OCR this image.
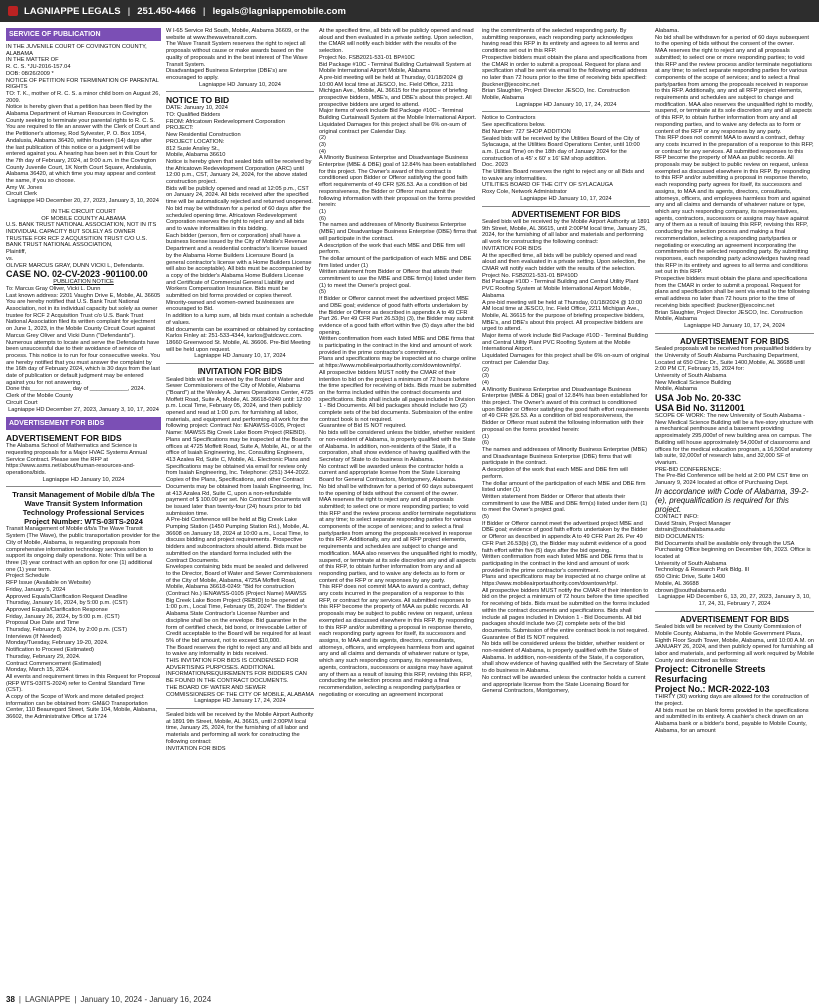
LAGNIAPPE LEGALS | 251.450-4466 | legals@lagniappemobile.com
SERVICE OF PUBLICATION
IN THE JUVENILE COURT OF COVINGTON COUNTY, ALABAMA
IN THE MATTER OF
R. C. S. *JU-2016-157.04
DOB: 08/26/2009 *
NOTICE OF PETITION FOR TERMINATION OF PARENTAL RIGHTS
TO: T. K., mother of R. C. S. a minor child born on August 26, 2009.
Notice is hereby given that a petition has been filed by the Alabama Department of Human Resources in Covington County seeking to terminate your parental rights to R. C. S. You are required to file an answer with the Clerk of Court and the Petitioner's attorney, Rod Sylvester, P. O. Box 1054, Andalusia, Alabama 36420, within fourteen (14) days after the last publication of this notice or a judgment will be entered against you. A hearing has been set in this Court for the 7th day of February, 2024, at 9:00 a.m. in the Covington County Juvenile Court, 1K North Court Square, Andalusia, Alabama 36420, at which time you may appear and contest the same, if you so choose.
Amy W. Jones
Circuit Clerk
Lagniappe HD December 20, 27, 2023, January 3, 10, 2024
IN THE CIRCUIT COURT
OF MOBILE COUNTY ALABAMA
U.S. BANK TRUST NATIONAL ASSOCIATION, NOT IN ITS INDIVIDUAL CAPACITY BUT SOLELY AS OWNER TRUSTEE FOR RCF 2 ACQUISITION TRUST C/O U.S. BANK TRUST NATIONAL ASSOCIATION,
Plaintiff,
vs.
OLIVER MARCUS GRAY, DUNN VICKI L, Defendants.
CASE NO. 02-CV-2023 -901100.00
PUBLICATION NOTICE
To: Marcus Gray Oliver, Vicki L. Dunn
Last known address: 2201 Vaughn Drive E, Mobile, AL 36605
You are hereby notified that U.S. Bank Trust National Association, not in its individual capacity but solely as owner trustee for RCF 2 Acquisition Trust c/o U.S. Bank Trust National Association filed its written complaint for ejectment on June 1, 2023, in the Mobile County Circuit Court against Marcus Grey Oliver and Vicki Dunn ("Defendants"). Numerous attempts to locate and serve the Defendants have been unsuccessful due to their avoidance of service of process. This notice is to run for four consecutive weeks. You are hereby notified that you must answer the complaint by the 16th day of February 2024, which is 30 days from the last date of publication or default judgment may be entered against you for not answering.
Done this_____________ day of ____________, 2024.
Clerk of the Mobile County
Circuit Court
Lagniappe HD December 27, 2023, January 3, 10, 17, 2024
ADVERTISEMENT FOR BIDS
ADVERTISEMENT FOR BIDS
The Alabama School of Mathematics and Science is requesting proposals for a Major HVAC Systems Annual Service Contract. Please see the RFP at https://www.asms.net/about/human-resources-and-operations/bids.
Lagniappe HD January 10, 2024
Transit Management of Mobile d/b/a The Wave Transit System Information Technology Professional Services
Project Number: WTS-03ITS-2024
Transit Management of Mobile d/b/a The Wave Transit System (The Wave), the public transportation provider for the City of Mobile, Alabama, is requesting proposals from comprehensive information technology services solution to support its ongoing daily operations. Note: This will be a three (3) year contract with an option for one (1) additional one (1) year term.
Project Schedule
RFP Issue (Available on Website)
Friday, January 5, 2024
Approved Equals/Clarification Request Deadline
Thursday, January 16, 2024, by 5:00 p.m. (CST)
Approved Equals/Clarification Response
Friday, January 26, 2024, by 5:00 p.m. (CST)
Proposal Due Date and Time
Thursday, February 8, 2024, by 2:00 p.m. (CST)
Interviews (If Needed)
Monday/Tuesday, February 19-20, 2024.
Notification to Proceed (Estimated)
Thursday, February 29, 2024.
Contract Commencement (Estimated)
Monday, March 15, 2024.
All events and requirement times in this Request for Proposal (RFP WTS-03ITS-2024) refer to Central Standard Time (CST).
A copy of the Scope of Work and more detailed project information can be obtained from: GM&O Transportation Center, 110 Beauregard Street, Suite 104, Mobile, Alabama, 36602, the Administrative Office at 1724
W I-65 Service Rd South, Mobile, Alabama 36609, or the website at www.thewavetransit.com.
The Wave Transit System reserves the right to reject all proposals without cause or make awards based on the quality of proposals and in the best interest of The Wave Transit System.
Disadvantaged Business Enterprise (DBE's) are encouraged to apply.
Lagniappe HD January 10, 2024
NOTICE TO BID
DATE: January 10, 2024
TO: Qualified Bidders
FROM: Africatown Redevelopment Corporation
PROJECT:
New Residential Construction
PROJECT LOCATION:
812 Susie Ansley St.,
Mobile, Alabama 36610
Notice is hereby given that sealed bids will be received by the Africatown Redevelopment Corporation (ARC) until 12:00 p.m., CST, January 24, 2024, for the above stated construction project.
Bids will be publicly opened and read at 12:05 p.m., CST on January 24, 2024. All bids received after the specified time will be automatically rejected and returned unopened. No bid may be withdrawn for a period of 60 days after the scheduled opening time. Africatown Redevelopment Corporation reserves the right to reject any and all bids and to waive informalities in this bidding.
Each bidder (person, firm or corporation) shall have a business license issued by the City of Mobile's Revenue Department and a residential contractor's license issued by the Alabama Home Builders Licensure Board (a general contractor's license with a Home Builders License will also be acceptable). All bids must be accompanied by a copy of the bidder's Alabama Home Builders License and Certificate of Commercial General Liability and Workers Compensation Insurance. Bids must be submitted on bid forms provided or copies thereof.
Minority-owned and women-owned businesses are encouraged to Bid.
In addition to a lump sum, all bids must contain a schedule of values.
Bid documents can be examined or obtained by contacting Karlos Finley at: 251-533-4344, karlos@atdcwcc.com. 18660 Greenwood St. Mobile, AL 36606. Pre-Bid Meeting will be held upon request.
Lagniappe HD January 10, 17, 2024
INVITATION FOR BIDS
Sealed bids will be received by the Board of Water and Sewer Commissioners of the City of Mobile, Alabama ("Board") at the Wesley A. James Operations Center, 4725 Moffett Road, Suite A, Mobile, AL 36618-0249 until: 12:00 p.m. Local Time, February 05, 2024, and then publicly opened and read at 1:00 p.m. for furnishing all labor, materials, and equipment and performing all work for the following project: Contract No: IENAWSS-0105, Project Name: MAWSS Big Creek Lake Boom Project (REBID).
Plans and Specifications may be inspected at the Board's offices at 4725 Moffett Road, Suite A, Mobile, AL, or at the office of Isaiah Engineering, Inc. Consulting Engineers, 413 Azalea Rd, Suite C, Mobile, AL. Electronic Plans and Specifications may be obtained via email for review only from Isaiah Engineering, Inc. Telephone: (251) 344-2022.
Copies of the Plans, Specifications, and other Contract Documents may be obtained from Isaiah Engineering, Inc. at 413 Azalea Rd, Suite C, upon a non-refundable payment of $ 100.00 per set. No Contract Documents will be issued later than twenty-four (24) hours prior to bid submission time.
A Pre-bid Conference will be held at Big Creek Lake Pumping Station (1450 Pumping Station Rd.), Mobile, AL 36608 on January 18, 2024 at 10:00 a.m., Local Time, to discuss bidding and project requirements. Prospective bidders and subcontractors should attend. Bids must be submitted on the standard forms included with the Contract Documents.
Envelopes containing bids must be sealed and delivered to the Director, Board of Water and Sewer Commissioners of the City of Mobile, Alabama, 4725A Moffett Road, Mobile, Alabama 36618-0249: "Bid for construction (Contract No.) IENAWSS-0105 (Project Name) MAWSS Big Creek Lake Boom Project (REBID) to be opened at 1:00 p.m., Local Time, February 05, 2024". The Bidder's Alabama State Contractor's License Number and discipline shall be on the envelope. Bid guarantee in the form of certified check, bid bond, or irrevocable Letter of Credit acceptable to the Board will be required for at least 5% of the bid amount, not to exceed $10,000.
The Board reserves the right to reject any and all bids and to waive any informality in bids received.
THIS INVITATION FOR BIDS IS CONDENSED FOR ADVERTISING PURPOSES. ADDITIONAL INFORMATION/REQUIREMENTS FOR BIDDERS CAN BE FOUND IN THE CONTRACT DOCUMENTS.
THE BOARD OF WATER AND SEWER COMMISSIONERS OF THE CITY OF MOBILE, ALABAMA
Lagniappe HD January 17, 24, 2024
Sealed bids will be received by the Mobile Airport Authority at 1891 9th Street, Mobile, AL 36615, until 2:00PM local time, January 25, 2024, for the furnishing of all labor and materials and performing all work for constructing the following contract:
INVITATION FOR BIDS
At the specified time, all bids will be publicly opened and read aloud and then evaluated in a private setting. Upon selection, the CMAR will notify each bidder with the results of the selection.
Project No. FSB2021-531-01 BP#10C
Bid Package #10C - Terminal Building Curtainwall System at Mobile International Airport Mobile, Alabama
A pre-bid meeting will be held at Thursday, 01/18/2024 @ 10:00 AM local time at JESCO, Inc. Field Office, 2211 Michigan Ave., Mobile, AL 36615 for the purpose of briefing prospective bidders, MBE's, and DBE's about this project. All prospective bidders are urged to attend.
Major items of work include Bid Package #10C - Terminal Building Curtainwall System at the Mobile International Airport.
Liquidated Damages for this project shall be 6% on-sum of original contract per Calendar Day.
(2)
(3)
(4)
A Minority Business Enterprise and Disadvantage Business Enterprise (MBE & DBE) goal of 12.84% has been established for this project. The Owner's award of this contract is conditioned upon Bidder or Offeror satisfying the good faith effort requirements of 49 CFR §26.53. As a condition of bid responsiveness, the Bidder or Offeror must submit the following information with their proposal on the forms provided herein:
(1)
(6)
The names and addresses of Minority Business Enterprise (MBE) and Disadvantage Business Enterprise (DBE) firms that will participate in the contract.
A description of the work that each MBE and DBE firm will perform.
The dollar amount of the participation of each MBE and DBE firm listed under (1)
Written statement from Bidder or Offeror that attests their commitment to use the MBE and DBE firm(s) listed under item (1) to meet the Owner's project goal.
(5)
If Bidder or Offeror cannot meet the advertised project MBE and DBE goal; evidence of good faith efforts undertaken by the Bidder or Offeror as described in appendix A to 49 CFR Part 26. Per 49 CFR Part 26.53(b) (3), the Bidder may submit evidence of a good faith effort within five (5) days after the bid opening.
Written confirmation from each listed MBE and DBE firms that is participating in the contract in the kind and amount of work provided in the prime contractor's commitment.
Plans and specifications may be inspected at no charge online at https://www.mobileairportauthority.com/downtown/rfp/.
All prospective bidders MUST notify the CMAR of their intention to bid on the project a minimum of 72 hours before the time specified for receiving of bids. Bids must be submitted on the forms included within the contract documents and specifications. Bids shall include all pages included in Division 1 - Bid Documents. All bid packages should include two (2) complete sets of the bid documents. Submission of the entire contract book is not required.
Guarantee of Bid IS NOT required.
No bids will be considered unless the bidder, whether resident or non-resident of Alabama, is properly qualified with the State of Alabama. In addition, non-residents of the State, if a corporation, shall show evidence of having qualified with the Secretary of State to do business in Alabama.
No contract will be awarded unless the contractor holds a current and appropriate license from the State Licensing Board for General Contractors, Montgomery, Alabama.
No bid shall be withdrawn for a period of 60 days subsequent to the opening of bids without the consent of the owner.
MAA reserves the right to reject any and all proposals submitted; to select one or more responding parties; to void this RFP and the review process and/or terminate negotiations at any time; to select separate responding parties for various components of the scope of services; and to select a final party/parties from among the proposals received in response to this RFP. Additionally, any and all RFP project elements, requirements and schedules are subject to change and modification. MAA also reserves the unqualified right to modify, suspend, or terminate at its sole discretion any and all aspects of this RFP, to obtain further information from any and all responding parties, and to waive any defects as to form or content of the RFP or any responses by any party.
This RFP does not commit MAA to award a contract, defray any costs incurred in the preparation of a response to this RFP, or contract for any services. All submitted responses to this RFP become the property of MAA as public records. All proposals may be subject to public review on request, unless exempted as discussed elsewhere in this RFP. By responding to this RFP and/or submitting a proposal in response thereto, each responding party agrees for itself, its successors and assigns, to MAA and its agents, directors, consultants, attorneys, officers, and employees harmless from and against any and all claims and demands of whatever nature or type, which any such responding company, its representatives, agents, contractors, successors or assigns may have against any of them as a result of issuing this RFP, revising this RFP, conducting the selection process and making a final recommendation, selecting a responding party/parties or negotiating or executing an agreement incorporat
ing the commitments of the selected responding party. By submitting responses, each responding party acknowledges having read this RFP in its entirety and agrees to all terms and conditions set out in this RFP.
Prospective bidders must obtain the plans and specifications from the CMAR in order to submit a proposal. Request for plans and specification shall be sent via email to the following email address no later than 72 hours prior to the time of receiving bids specified: jbuckner@jescoinc.net
Brian Slaughter, Project Director JESCO, Inc. Construction
Mobile, Alabama
Lagniappe HD January 10, 17, 24, 2024
Notice to Contractors
See specifications below.
Bid Number: 727 SHOP ADDITION
Sealed bids will be received by the Utilities Board of the City of Sylacauga, at the Utilities Board Operations Center, until 10:00 a.m. (Local Time) on the 18th day of January 2024 for the construction of a 45' x 60' x 16' EM shop addition.
Doc. 2023
The Utilities Board reserves the right to reject any or all Bids and to waive any informalities.
UTILITIES BOARD OF THE CITY OF SYLACAUGA
Roxy Cole, Network Administrator
Lagniappe HD January 10, 17, 2024
ADVERTISEMENT FOR BIDS
Sealed bids will be received by the Mobile Airport Authority at 1891 9th Street, Mobile, AL 36615, until 2:00PM local time, January 25, 2024, for the furnishing of all labor and materials and performing all work for constructing the following contract:
INVITATION FOR BIDS
At the specified time, all bids will be publicly opened and read aloud and then evaluated in a private setting. Upon selection, the CMAR will notify each bidder with the results of the selection.
Project No. FSB2021-531-01 BP#10D
Bid Package #10D - Terminal Building and Central Utility Plant PVC Roofing System at Mobile International Airport Mobile, Alabama
A pre-bid meeting will be held at Thursday, 01/18/2024 @ 10:00 AM local time at JESCO, Inc. Field Office, 2211 Michigan Ave., Mobile, AL 36615 for the purpose of briefing prospective bidders, MBE's, and DBE's about this project. All prospective bidders are urged to attend.
Major items of work include Bid Package #10D - Terminal Building and Central Utility Plant PVC Roofing System at the Mobile International Airport.
Liquidated Damages for this project shall be 6% on-sum of original contract per Calendar Day.
(2)
(3)
(4)
A Minority Business Enterprise and Disadvantage Business Enterprise (MBE & DBE) goal of 12.84% has been established for this project. The Owner's award of this contract is conditioned upon Bidder or Offeror satisfying the good faith effort requirements of 49 CFR §26.53. As a condition of bid responsiveness, the Bidder or Offeror must submit the following information with their proposal on the forms provided herein:
(1)
(6)
The names and addresses of Minority Business Enterprise (MBE) and Disadvantage Business Enterprise (DBE) firms that will participate in the contract.
A description of the work that each MBE and DBE firm will perform.
The dollar amount of the participation of each MBE and DBE firm listed under (1)
Written statement from Bidder or Offeror that attests their commitment to use the MBE and DBE firm(s) listed under item (1) to meet the Owner's project goal.
(5)
If Bidder or Offeror cannot meet the advertised project MBE and DBE goal; evidence of good faith efforts undertaken by the Bidder or Offeror as described in appendix A to 49 CFR Part 26. Per 49 CFR Part 26.53(b) (3), the Bidder may submit evidence of a good faith effort within five (5) days after the bid opening.
Written confirmation from each listed MBE and DBE firms that is participating in the contract in the kind and amount of work provided in the prime contractor's commitment.
Plans and specifications may be inspected at no charge online at https://www.mobileairportauthority.com/downtown/rfp/.
All prospective bidders MUST notify the CMAR of their intention to bid on the project a minimum of 72 hours before the time specified for receiving of bids. Bids must be submitted on the forms included within the contract documents and specifications. Bids shall include all pages included in Division 1 - Bid Documents. All bid packages should include two (2) complete sets of the bid documents. Submission of the entire contract book is not required.
Guarantee of Bid IS NOT required.
No bids will be considered unless the bidder, whether resident or non-resident of Alabama, is properly qualified with the State of Alabama. In addition, non-residents of the State, if a corporation, shall show evidence of having qualified with the Secretary of State to do business in Alabama.
No contract will be awarded unless the contractor holds a current and appropriate license from the State Licensing Board for General Contractors, Montgomery,
Alabama.
No bid shall be withdrawn for a period of 60 days subsequent to the opening of bids without the consent of the owner.
MAA reserves the right to reject any and all proposals submitted; to select one or more responding parties; to void this RFP and the review process and/or terminate negotiations at any time; to select separate responding parties for various components of the scope of services; and to select a final party/parties from among the proposals received in response to this RFP. Additionally, any and all RFP project elements, requirements and schedules are subject to change and modification. MAA also reserves the unqualified right to modify, suspend, or terminate at its sole discretion any and all aspects of this RFP, to obtain further information from any and all responding parties, and to waive any defects as to form or content of the RFP or any responses by any party.
This RFP does not commit MAA to award a contract, defray any costs incurred in the preparation of a response to this RFP, or contract for any services. All submitted responses to this RFP become the property of MAA as public records. All proposals may be subject to public review on request, unless exempted as discussed elsewhere in this RFP. By responding to this RFP and/or submitting a proposal in response thereto, each responding party agrees for itself, its successors and assigns, to MAA and its agents, directors, consultants, attorneys, officers, and employees harmless from and against any and all claims and demands of whatever nature or type, which any such responding company, its representatives, agents, contractors, successors or assigns may have against any of them as a result of issuing this RFP, revising this RFP, conducting the selection process and making a final recommendation, selecting a responding party/parties or negotiating or executing an agreement incorporating the commitments of the selected responding party. By submitting responses, each responding party acknowledges having read this RFP in its entirety and agrees to all terms and conditions set out in this RFP.
Prospective bidders must obtain the plans and specifications from the CMAR in order to submit a proposal. Request for plans and specification shall be sent via email to the following email address no later than 72 hours prior to the time of receiving bids specified: jbuckner@jescoinc.net
Brian Slaughter, Project Director JESCO, Inc. Construction
Mobile, Alabama
Lagniappe HD January 10, 17, 24, 2024
ADVERTISEMENT FOR BIDS
Sealed proposals will be received from prequalified bidders by the University of South Alabama Purchasing Department, Located at 650 Clinic Dr., Suite 1400,Mobile, AL 36688 until 2:00 PM CT, February 15, 2024 for:
University of South Alabama
New Medical Science Building
Mobile, Alabama
USA Job No. 20-33C
USA Bid No. 3112001
SCOPE OF WORK: The new University of South Alabama - New Medical Science Building will be a five-story structure with a mechanical penthouse and a basement providing approximately 295,000sf of new building area on campus. The Building will house approximately 54,000sf of classrooms and offices for the medical education program, a 16,500sf anatomy lab suite, 92,000sf of research labs, and 32,000 SF of vivarium.
PRE-BID CONFERENCE:
The Pre-Bid Conference will be held at 2:00 PM CST time on January 9, 2024 located at office of Purchasing Dept.
In accordance with Code of Alabama, 39-2-(e), prequalification is required for this project.
CONTACT INFO:
David Strain, Project Manager
dstrain@southalabama.edu
BID DOCUMENTS:
Bid Documents shall be available only through the USA Purchasing Office beginning on December 6th, 2023. Office is located at
University of South Alabama
Technology & Research Park Bldg. III
650 Clinic Drive, Suite 1400
Mobile, AL 36688
cbrown@southalabama.edu
Lagniappe HD December 6, 13, 20, 27, 2023, January 3, 10, 17, 24, 31, February 7, 2024
ADVERTISEMENT FOR BIDS
Sealed bids will be received by the County Commission of Mobile County, Alabama, in the Mobile Government Plaza, Eighth Floor South Tower, Mobile, Alabama, until 10:00 A.M. on JANUARY 26, 2024, and then publicly opened for furnishing all labor and materials, and performing all work required by Mobile County and described as follows:
Project: Citronelle Streets Resurfacing
Project No.: MCR-2022-103
THIRTY (30) working days are allowed for the construction of the project.
All bids must be on blank forms provided in the specifications and submitted in its entirety. A cashier's check drawn on an Alabama bank or a bidder's bond, payable to Mobile County, Alabama, for an amount
38 | LAGNIAPPE | January 10, 2024 - January 16, 2024
